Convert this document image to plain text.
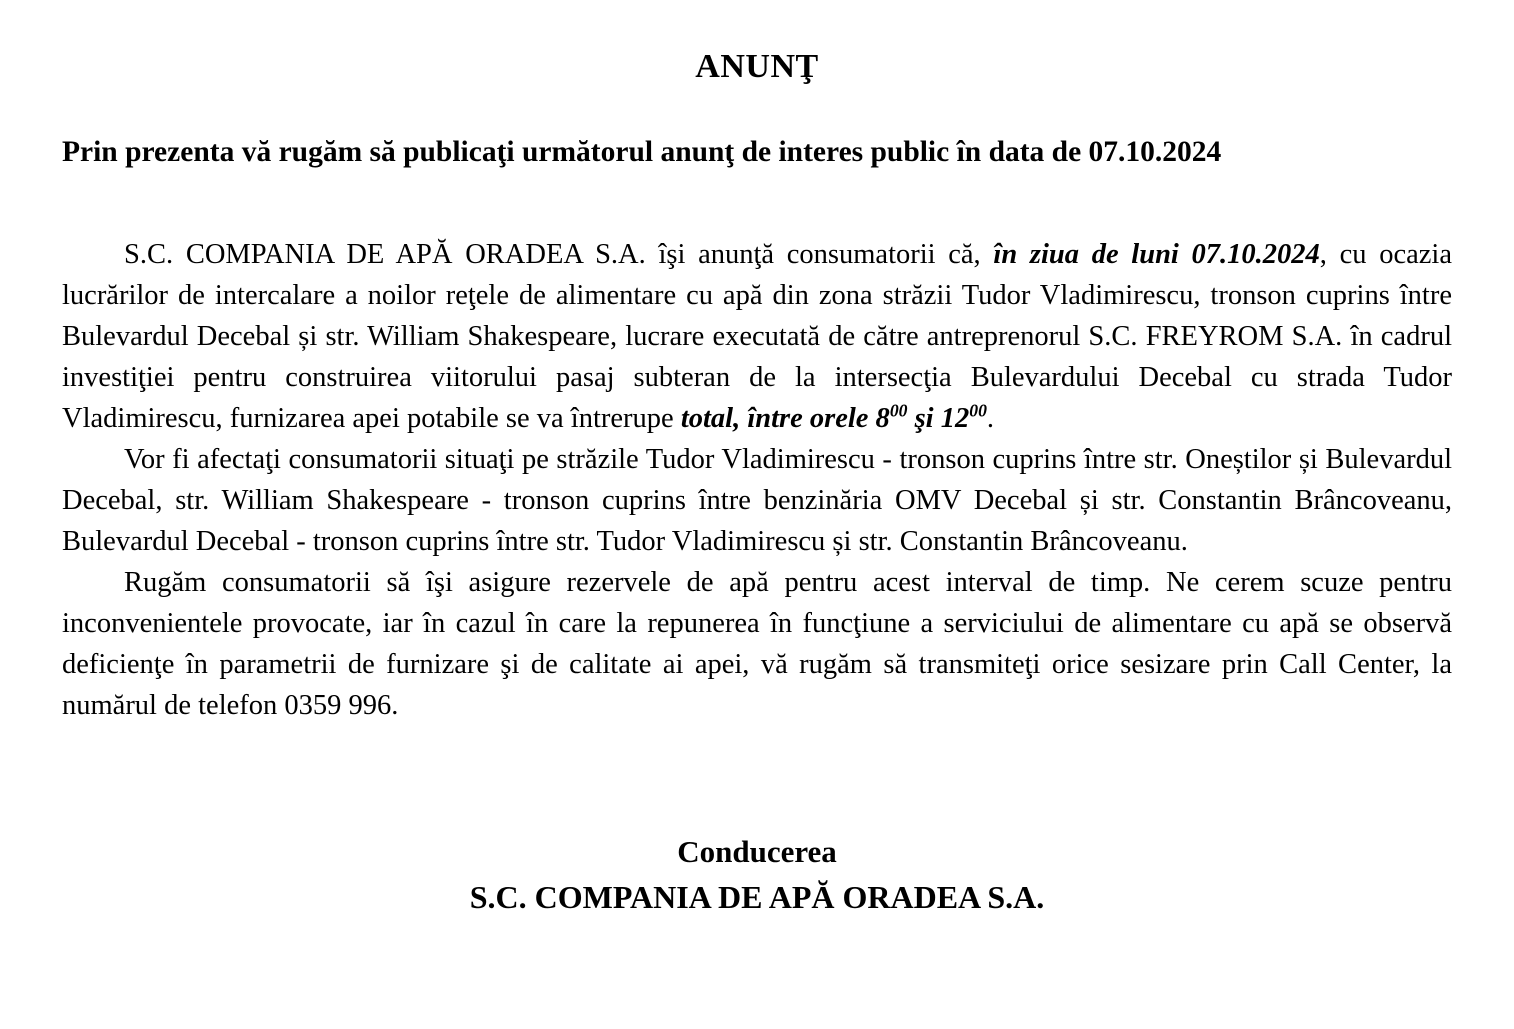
ANUNŢ

Prin prezenta vă rugăm să publicaţi următorul anunţ de interes public în data de 07.10.2024

S.C. COMPANIA DE APĂ ORADEA S.A. îşi anunţă consumatorii că, în ziua de luni 07.10.2024, cu ocazia lucrărilor de intercalare a noilor reţele de alimentare cu apă din zona străzii Tudor Vladimirescu, tronson cuprins între Bulevardul Decebal și str. William Shakespeare, lucrare executată de către antreprenorul S.C. FREYROM S.A. în cadrul investiţiei pentru construirea viitorului pasaj subteran de la intersecţia Bulevardului Decebal cu strada Tudor Vladimirescu, furnizarea apei potabile se va întrerupe total, între orele $8^{00}$ şi $12^{00}$.

Vor fi afectaţi consumatorii situaţi pe străzile Tudor Vladimirescu - tronson cuprins între str. Oneștilor și Bulevardul Decebal, str. William Shakespeare - tronson cuprins între benzinăria OMV Decebal și str. Constantin Brâncoveanu, Bulevardul Decebal - tronson cuprins între str. Tudor Vladimirescu și str. Constantin Brâncoveanu.

Rugăm consumatorii să îşi asigure rezervele de apă pentru acest interval de timp. Ne cerem scuze pentru inconvenientele provocate, iar în cazul în care la repunerea în funcţiune a serviciului de alimentare cu apă se observă deficienţe în parametrii de furnizare şi de calitate ai apei, vă rugăm să transmiteţi orice sesizare prin Call Center, la numărul de telefon 0359 996.

Conducerea
S.C. COMPANIA DE APĂ ORADEA S.A.
